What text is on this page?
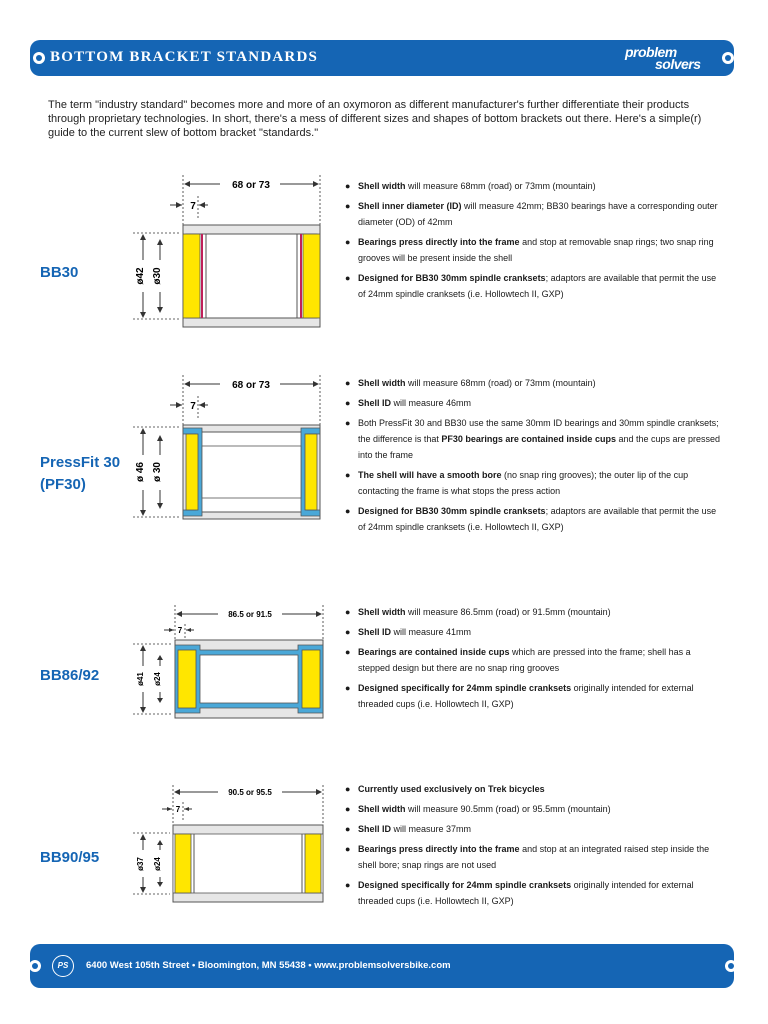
BOTTOM BRACKET STANDARDS	problem
solvers
The term "industry standard" becomes more and more of an oxymoron as different manufacturer's further differentiate their products through proprietary technologies. In short, there's a mess of different sizes and shapes of bottom brackets out there. Here's a simple(r) guide to the current slew of bottom bracket "standards."
BB30
68 or 73
7
ø42 ø30
● Shell width will measure 68mm (road) or 73mm (mountain)
● Shell inner diameter (ID) will measure 42mm; BB30 bearings have a corresponding outer diameter (OD) of 42mm
● Bearings press directly into the frame and stop at removable snap rings; two snap ring grooves will be present inside the shell
● Designed for BB30 30mm spindle cranksets; adaptors are available that permit the use of 24mm spindle cranksets (i.e. Hollowtech II, GXP)
PressFit 30
(PF30)
68 or 73
7
ø 46 ø 30
● Shell width will measure 68mm (road) or 73mm (mountain)
● Shell ID will measure 46mm
● Both PressFit 30 and BB30 use the same 30mm ID bearings and 30mm spindle cranksets; the difference is that PF30 bearings are contained inside cups and the cups are pressed into the frame
● The shell will have a smooth bore (no snap ring grooves); the outer lip of the cup contacting the frame is what stops the press action
● Designed for BB30 30mm spindle cranksets; adaptors are available that permit the use of 24mm spindle cranksets (i.e. Hollowtech II, GXP)
BB86/92
86.5 or 91.5
7
ø41 ø24
● Shell width will measure 86.5mm (road) or 91.5mm (mountain)
● Shell ID will measure 41mm
● Bearings are contained inside cups which are pressed into the frame; shell has a stepped design but there are no snap ring grooves
● Designed specifically for 24mm spindle cranksets originally intended for external threaded cups (i.e. Hollowtech II, GXP)
BB90/95
90.5 or 95.5
7
ø37 ø24
● Currently used exclusively on Trek bicycles
● Shell width will measure 90.5mm (road) or 95.5mm (mountain)
● Shell ID will measure 37mm
● Bearings press directly into the frame and stop at an integrated raised step inside the shell bore; snap rings are not used
● Designed specifically for 24mm spindle cranksets originally intended for external threaded cups (i.e. Hollowtech II, GXP)
PS	6400 West 105th Street • Bloomington, MN 55438 • www.problemsolversbike.com
